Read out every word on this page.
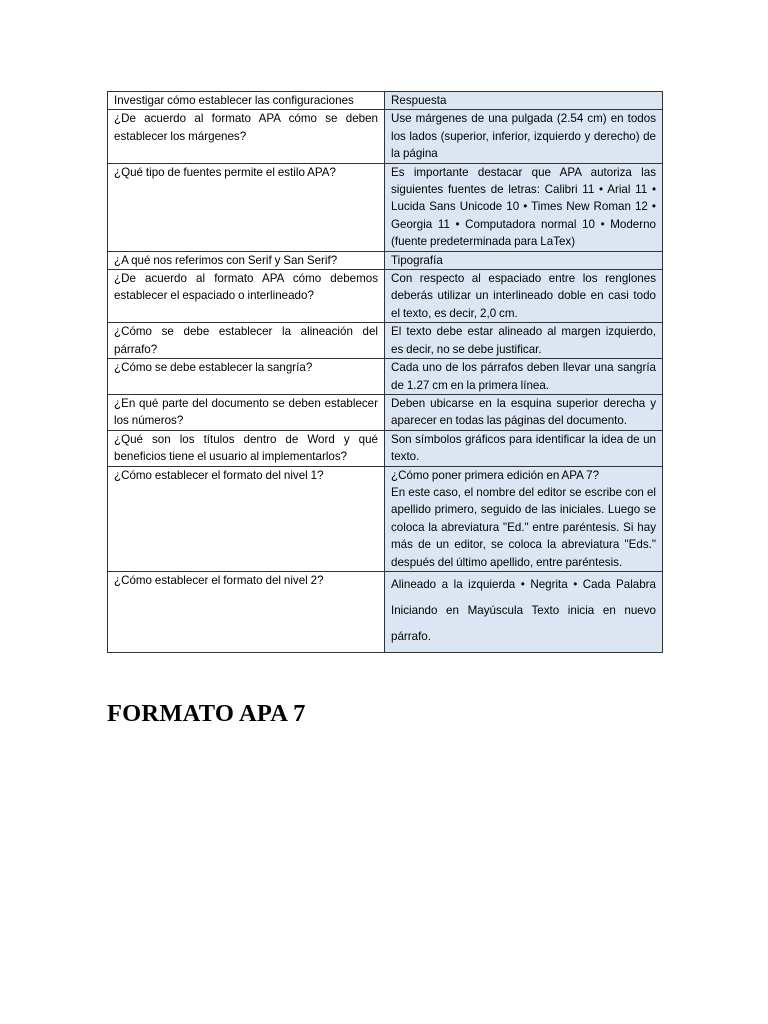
Investigar cómo establecer las configuraciones	Respuesta
¿De acuerdo al formato APA cómo se deben establecer los márgenes?	Use márgenes de una pulgada (2.54 cm) en todos los lados (superior, inferior, izquierdo y derecho) de la página
¿Qué tipo de fuentes permite el estilo APA?	Es importante destacar que APA autoriza las siguientes fuentes de letras: Calibri 11 • Arial 11 • Lucida Sans Unicode 10 • Times New Roman 12 • Georgia 11 • Computadora normal 10 • Moderno (fuente predeterminada para LaTex)
¿A qué nos referimos con Serif y San Serif?	Tipografía
¿De acuerdo al formato APA cómo debemos establecer el espaciado o interlineado?	Con respecto al espaciado entre los renglones deberás utilizar un interlineado doble en casi todo el texto, es decir, 2,0 cm.
¿Cómo se debe establecer la alineación del párrafo?	El texto debe estar alineado al margen izquierdo, es decir, no se debe justificar.
¿Cómo se debe establecer la sangría?	Cada uno de los párrafos deben llevar una sangría de 1.27 cm en la primera línea.
¿En qué parte del documento se deben establecer los números?	Deben ubicarse en la esquina superior derecha y aparecer en todas las páginas del documento.
¿Qué son los títulos dentro de Word y qué beneficios tiene el usuario al implementarlos?	Son símbolos gráficos para identificar la idea de un texto.
¿Cómo establecer el formato del nivel 1?	¿Cómo poner primera edición en APA 7?
En este caso, el nombre del editor se escribe con el apellido primero, seguido de las iniciales. Luego se coloca la abreviatura "Ed." entre paréntesis. Si hay más de un editor, se coloca la abreviatura "Eds." después del último apellido, entre paréntesis.

¿Cómo establecer el formato del nivel 2?	Alineado a la izquierda • Negrita • Cada Palabra Iniciando en Mayúscula Texto inicia en nuevo párrafo.
FORMATO APA 7
